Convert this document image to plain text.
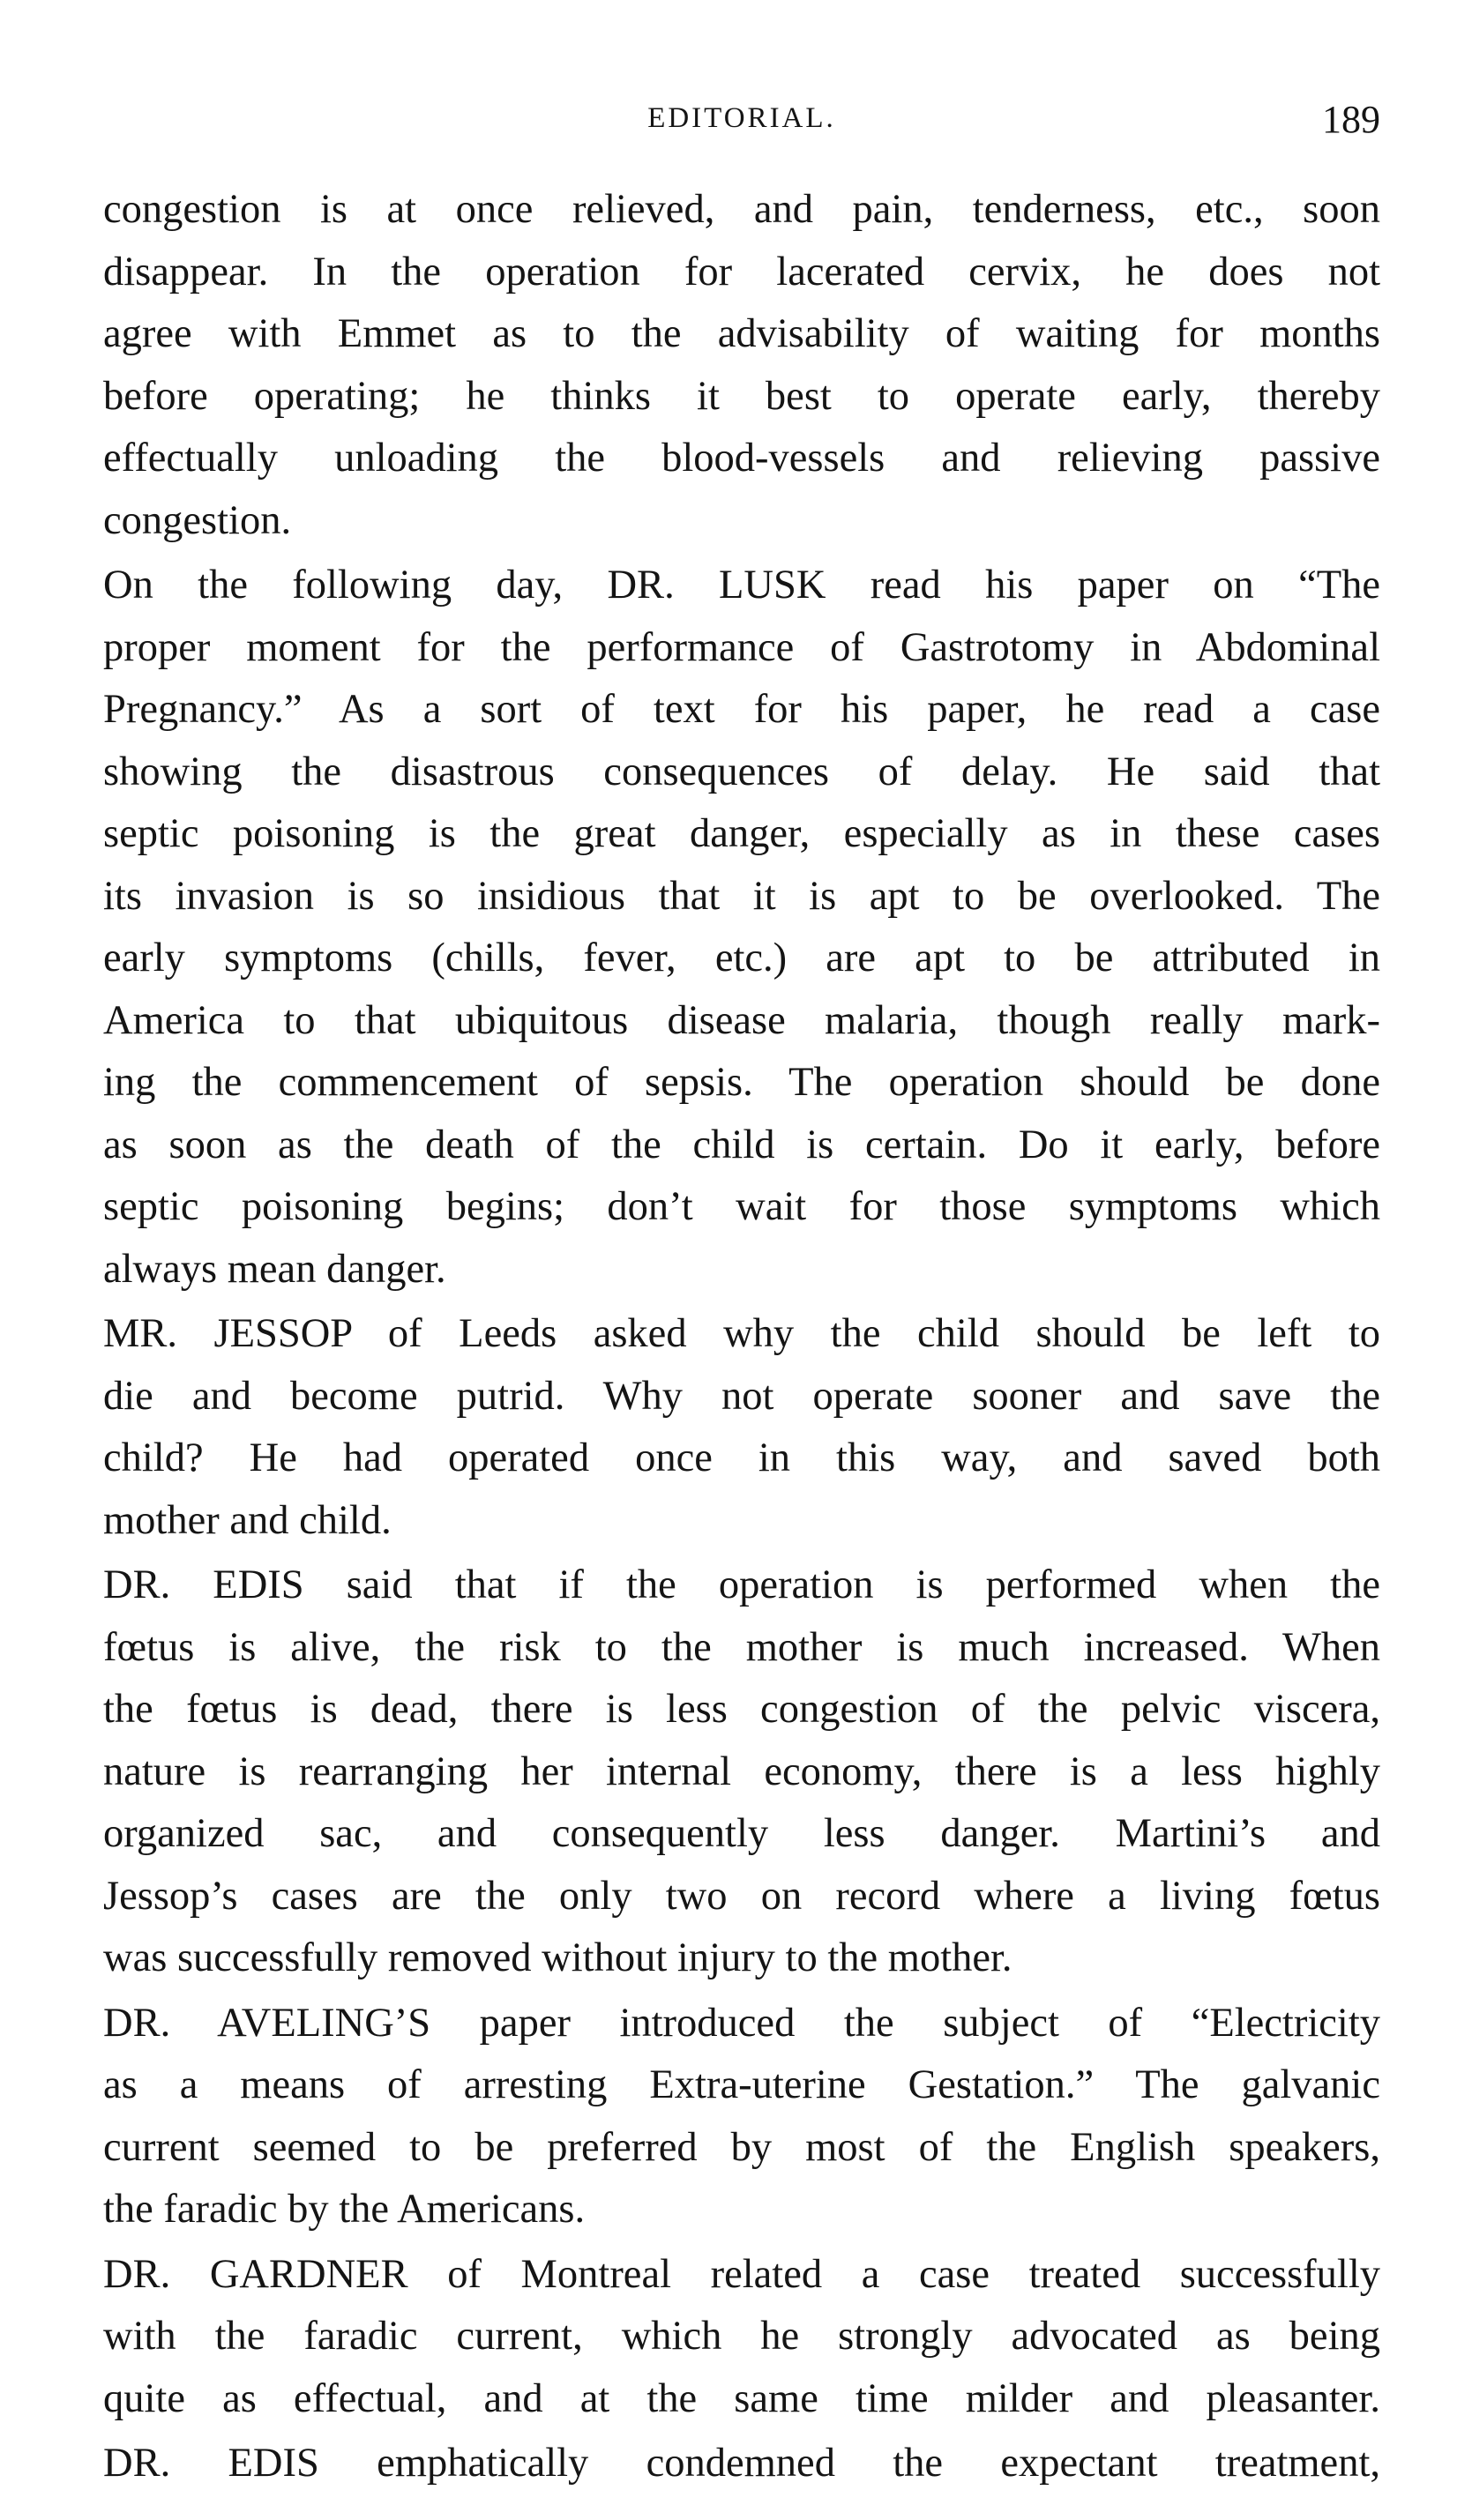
EDITORIAL.	189

congestion is at once relieved, and pain, tenderness, etc., soon
disappear. In the operation for lacerated cervix, he does not
agree with Emmet as to the advisability of waiting for months
before operating; he thinks it best to operate early, thereby
effectually unloading the blood-vessels and relieving passive
congestion.

On the following day, DR. LUSK read his paper on “The
proper moment for the performance of Gastrotomy in Abdominal
Pregnancy.” As a sort of text for his paper, he read a case
showing the disastrous consequences of delay. He said that
septic poisoning is the great danger, especially as in these cases
its invasion is so insidious that it is apt to be overlooked. The
early symptoms (chills, fever, etc.) are apt to be attributed in
America to that ubiquitous disease malaria, though really mark-
ing the commencement of sepsis. The operation should be done
as soon as the death of the child is certain. Do it early, before
septic poisoning begins; don’t wait for those symptoms which
always mean danger.

MR. JESSOP of Leeds asked why the child should be left to
die and become putrid. Why not operate sooner and save the
child? He had operated once in this way, and saved both
mother and child.

DR. EDIS said that if the operation is performed when the
fœtus is alive, the risk to the mother is much increased. When
the fœtus is dead, there is less congestion of the pelvic viscera,
nature is rearranging her internal economy, there is a less highly
organized sac, and consequently less danger. Martini’s and
Jessop’s cases are the only two on record where a living fœtus
was successfully removed without injury to the mother.

DR. AVELING’S paper introduced the subject of “Electricity
as a means of arresting Extra-uterine Gestation.” The galvanic
current seemed to be preferred by most of the English speakers,
the faradic by the Americans.

DR. GARDNER of Montreal related a case treated successfully
with the faradic current, which he strongly advocated as being
quite as effectual, and at the same time milder and pleasanter.

DR. EDIS emphatically condemned the expectant treatment,
